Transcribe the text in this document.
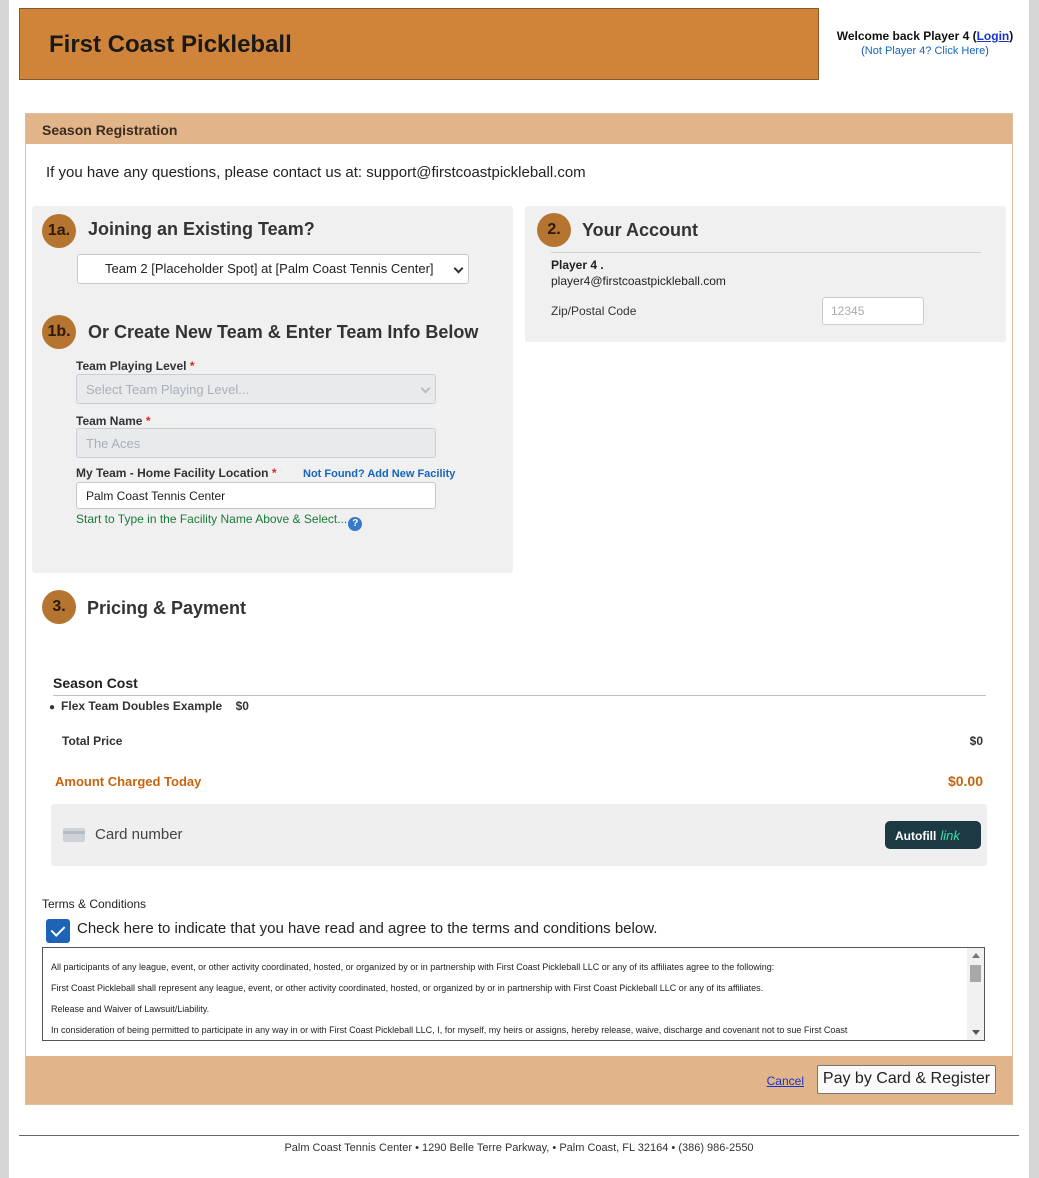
First Coast Pickleball	Welcome back Player 4 (Login)
(Not Player 4? Click Here)
Season Registration
If you have any questions, please contact us at: support@firstcoastpickleball.com
1a. Joining an Existing Team?
Team 2 [Placeholder Spot] at [Palm Coast Tennis Center]
1b. Or Create New Team & Enter Team Info Below
Team Playing Level *
Select Team Playing Level...
Team Name *
The Aces
My Team - Home Facility Location * Not Found? Add New Facility
Palm Coast Tennis Center
Start to Type in the Facility Name Above & Select... ?
2.	Your Account
Player 4 .
player4@firstcoastpickleball.com
Zip/Postal Code	12345
3.	Pricing & Payment
Season Cost
● Flex Team Doubles Example $0
Total Price	$0
Amount Charged Today	$0.00
Card number	Autofill link
Terms & Conditions
Check here to indicate that you have read and agree to the terms and conditions below.

All participants of any league, event, or other activity coordinated, hosted, or organized by or in partnership with First Coast Pickleball LLC or any of its affiliates agree to the following:

First Coast Pickleball shall represent any league, event, or other activity coordinated, hosted, or organized by or in partnership with First Coast Pickleball LLC or any of its affiliates.

Release and Waiver of Lawsuit/Liability.

In consideration of being permitted to participate in any way in or with First Coast Pickleball LLC, I, for myself, my heirs or assigns, hereby release, waive, discharge and covenant not to sue First Coast

Cancel	Pay by Card & Register
Palm Coast Tennis Center • 1290 Belle Terre Parkway, • Palm Coast, FL 32164 • (386) 986-2550
